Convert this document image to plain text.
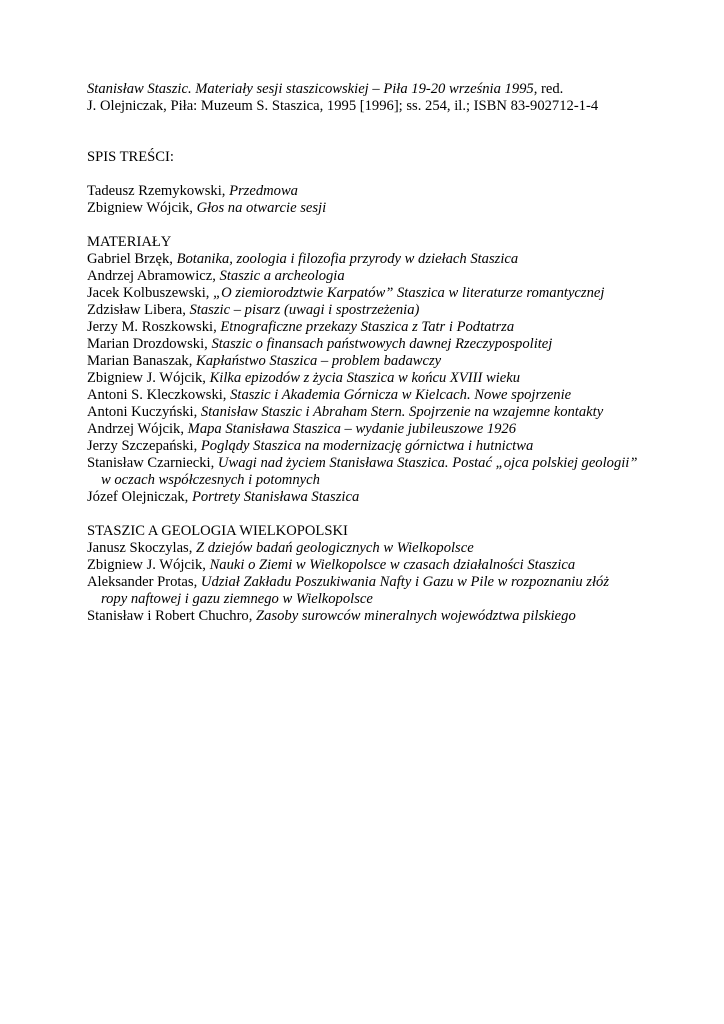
Stanisław Staszic. Materiały sesji staszicowskiej – Piła 19-20 września 1995, red.
J. Olejniczak, Piła: Muzeum S. Staszica, 1995 [1996]; ss. 254, il.; ISBN 83-902712-1-4
SPIS TREŚCI:
Tadeusz Rzemykowski, Przedmowa
Zbigniew Wójcik, Głos na otwarcie sesji
MATERIAŁY
Gabriel Brzęk, Botanika, zoologia i filozofia przyrody w dziełach Staszica
Andrzej Abramowicz, Staszic a archeologia
Jacek Kolbuszewski, „O ziemiorodztwie Karpatów” Staszica w literaturze romantycznej
Zdzisław Libera, Staszic – pisarz (uwagi i spostrzeżenia)
Jerzy M. Roszkowski, Etnograficzne przekazy Staszica z Tatr i Podtatrza
Marian Drozdowski, Staszic o finansach państwowych dawnej Rzeczypospolitej
Marian Banaszak, Kapłaństwo Staszica – problem badawczy
Zbigniew J. Wójcik, Kilka epizodów z życia Staszica w końcu XVIII wieku
Antoni S. Kleczkowski, Staszic i Akademia Górnicza w Kielcach. Nowe spojrzenie
Antoni Kuczyński, Stanisław Staszic i Abraham Stern. Spojrzenie na wzajemne kontakty
Andrzej Wójcik, Mapa Stanisława Staszica – wydanie jubileuszowe 1926
Jerzy Szczepański, Poglądy Staszica na modernizację górnictwa i hutnictwa
Stanisław Czarniecki, Uwagi nad życiem Stanisława Staszica. Postać „ojca polskiej geologii”
w oczach współczesnych i potomnych
Józef Olejniczak, Portrety Stanisława Staszica
STASZIC A GEOLOGIA WIELKOPOLSKI
Janusz Skoczylas, Z dziejów badań geologicznych w Wielkopolsce
Zbigniew J. Wójcik, Nauki o Ziemi w Wielkopolsce w czasach działalności Staszica
Aleksander Protas, Udział Zakładu Poszukiwania Nafty i Gazu w Pile w rozpoznaniu złóż
ropy naftowej i gazu ziemnego w Wielkopolsce
Stanisław i Robert Chuchro, Zasoby surowców mineralnych województwa pilskiego
